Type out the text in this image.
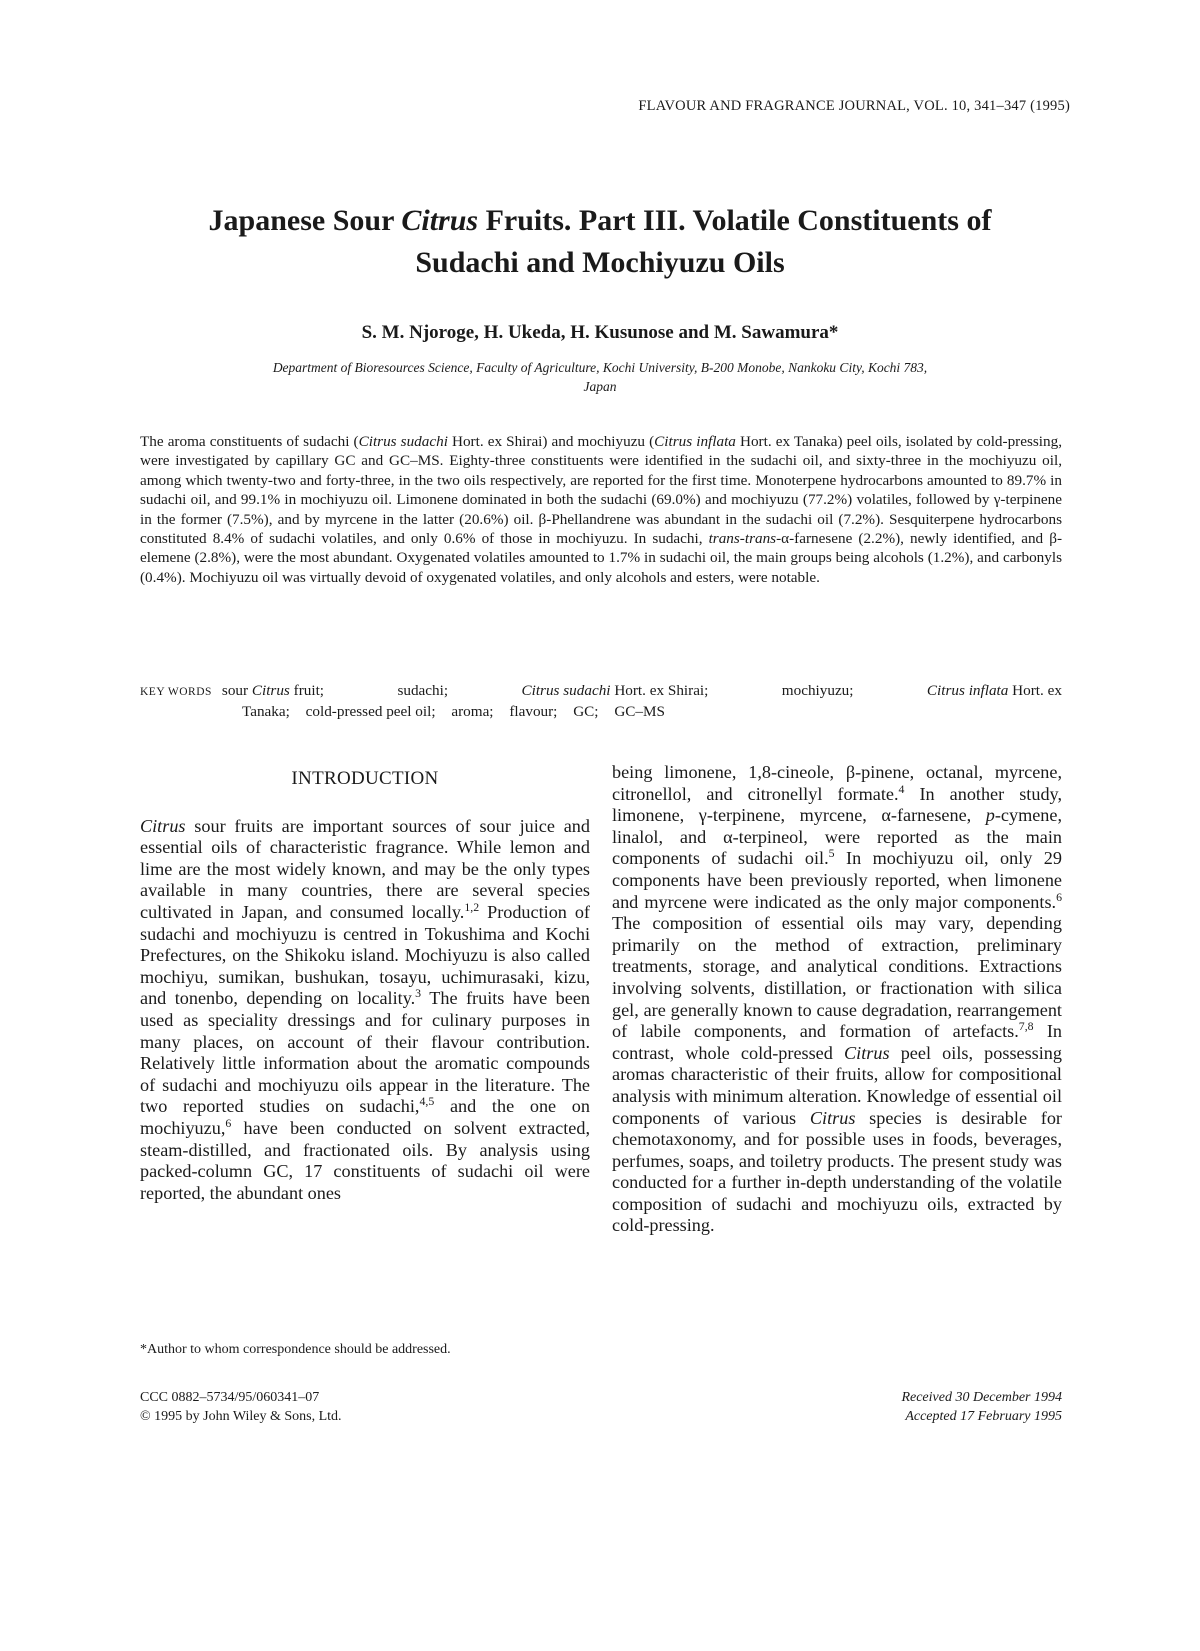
FLAVOUR AND FRAGRANCE JOURNAL, VOL. 10, 341–347 (1995)
Japanese Sour Citrus Fruits. Part III. Volatile Constituents of
Sudachi and Mochiyuzu Oils
S. M. Njoroge, H. Ukeda, H. Kusunose and M. Sawamura*
Department of Bioresources Science, Faculty of Agriculture, Kochi University, B-200 Monobe, Nankoku City, Kochi 783,
Japan

The aroma constituents of sudachi (Citrus sudachi Hort. ex Shirai) and mochiyuzu (Citrus inflata Hort. ex Tanaka) peel oils, isolated by cold-pressing, were investigated by capillary GC and GC–MS. Eighty-three constituents were identified in the sudachi oil, and sixty-three in the mochiyuzu oil, among which twenty-two and forty-three, in the two oils respectively, are reported for the first time. Monoterpene hydrocarbons amounted to 89.7% in sudachi oil, and 99.1% in mochiyuzu oil. Limonene dominated in both the sudachi (69.0%) and mochiyuzu (77.2%) volatiles, followed by γ-terpinene in the former (7.5%), and by myrcene in the latter (20.6%) oil. β-Phellandrene was abundant in the sudachi oil (7.2%). Sesquiterpene hydrocarbons constituted 8.4% of sudachi volatiles, and only 0.6% of those in mochiyuzu. In sudachi, trans-trans-α-farnesene (2.2%), newly identified, and β-elemene (2.8%), were the most abundant. Oxygenated volatiles amounted to 1.7% in sudachi oil, the main groups being alcohols (1.2%), and carbonyls (0.4%). Mochiyuzu oil was virtually devoid of oxygenated volatiles, and only alcohols and esters, were notable.

KEY WORDS sour Citrus fruit;	sudachi;	Citrus sudachi Hort. ex Shirai;	mochiyuzu;	Citrus inflata Hort. ex
Tanaka; cold-pressed peel oil; aroma; flavour; GC; GC–MS
INTRODUCTION

Citrus sour fruits are important sources of sour juice and essential oils of characteristic fragrance. While lemon and lime are the most widely known, and may be the only types available in many countries, there are several species cultivated in Japan, and consumed locally.$^{1,2}$ Production of sudachi and mochiyuzu is centred in Tokushima and Kochi Prefectures, on the Shikoku island. Mochiyuzu is also called mochiyu, sumikan, bushukan, tosayu, uchimurasaki, kizu, and tonenbo, depending on locality.$^3$ The fruits have been used as speciality dressings and for culinary purposes in many places, on account of their flavour contribution. Relatively little information about the aromatic compounds of sudachi and mochiyuzu oils appear in the literature. The two reported studies on sudachi,$^{4,5}$ and the one on mochiyuzu,$^6$ have been conducted on solvent extracted, steam-distilled, and fractionated oils. By analysis using packed-column GC, 17 constituents of sudachi oil were reported, the abundant ones

being limonene, 1,8-cineole, β-pinene, octanal, myrcene, citronellol, and citronellyl formate.$^4$ In another study, limonene, γ-terpinene, myrcene, α-farnesene, p-cymene, linalol, and α-terpineol, were reported as the main components of sudachi oil.$^5$ In mochiyuzu oil, only 29 components have been previously reported, when limonene and myrcene were indicated as the only major components.$^6$ The composition of essential oils may vary, depending primarily on the method of extraction, preliminary treatments, storage, and analytical conditions. Extractions involving solvents, distillation, or fractionation with silica gel, are generally known to cause degradation, rearrangement of labile components, and formation of artefacts.$^{7,8}$ In contrast, whole cold-pressed Citrus peel oils, possessing aromas characteristic of their fruits, allow for compositional analysis with minimum alteration. Knowledge of essential oil components of various Citrus species is desirable for chemotaxonomy, and for possible uses in foods, beverages, perfumes, soaps, and toiletry products. The present study was conducted for a further in-depth understanding of the volatile composition of sudachi and mochiyuzu oils, extracted by cold-pressing.

*Author to whom correspondence should be addressed.
CCC 0882–5734/95/060341–07
© 1995 by John Wiley & Sons, Ltd.
Received 30 December 1994
Accepted 17 February 1995
